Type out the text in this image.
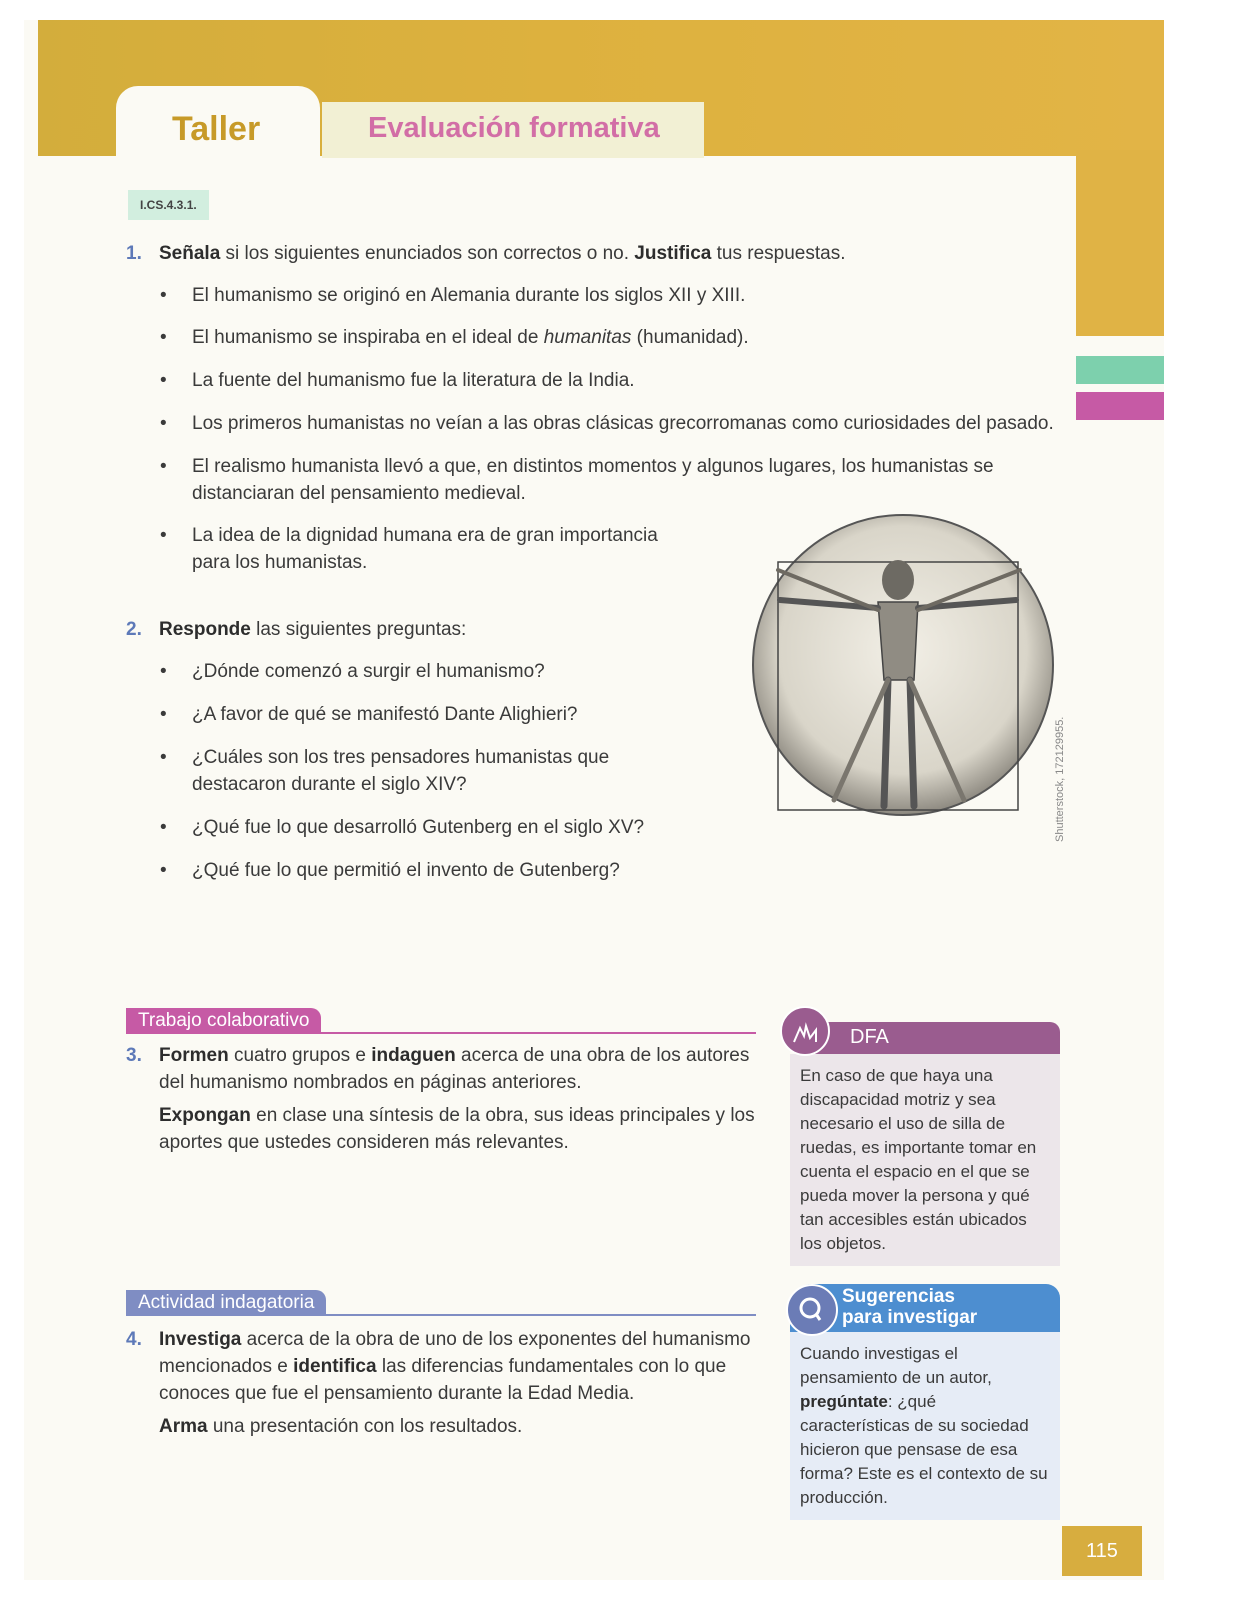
Taller	Evaluación formativa
I.CS.4.3.1.
1. Señala si los siguientes enunciados son correctos o no. Justifica tus respuestas.
• El humanismo se originó en Alemania durante los siglos XII y XIII.
• El humanismo se inspiraba en el ideal de humanitas (humanidad).
• La fuente del humanismo fue la literatura de la India.
• Los primeros humanistas no veían a las obras clásicas grecorromanas como curiosidades del pasado.
• El realismo humanista llevó a que, en distintos momentos y algunos lugares, los humanistas se distanciaran del pensamiento medieval.
• La idea de la dignidad humana era de gran importancia para los humanistas.
2. Responde las siguientes preguntas:
• ¿Dónde comenzó a surgir el humanismo?
• ¿A favor de qué se manifestó Dante Alighieri?
• ¿Cuáles son los tres pensadores humanistas que destacaron durante el siglo XIV?
• ¿Qué fue lo que desarrolló Gutenberg en el siglo XV?
• ¿Qué fue lo que permitió el invento de Gutenberg?
Shutterstock, 172129955.
Trabajo colaborativo
3. Formen cuatro grupos e indaguen acerca de una obra de los autores del humanismo nombrados en páginas anteriores.
Expongan en clase una síntesis de la obra, sus ideas principales y los aportes que ustedes consideren más relevantes.
Actividad indagatoria
4. Investiga acerca de la obra de uno de los exponentes del humanismo mencionados e identifica las diferencias fundamentales con lo que conoces que fue el pensamiento durante la Edad Media.
Arma una presentación con los resultados.
DFA
En caso de que haya una discapacidad motriz y sea necesario el uso de silla de ruedas, es importante tomar en cuenta el espacio en el que se pueda mover la persona y qué tan accesibles están ubicados los objetos.
Sugerencias
para investigar
Cuando investigas el pensamiento de un autor, pregúntate: ¿qué características de su sociedad hicieron que pensase de esa forma? Este es el contexto de su producción.
115
